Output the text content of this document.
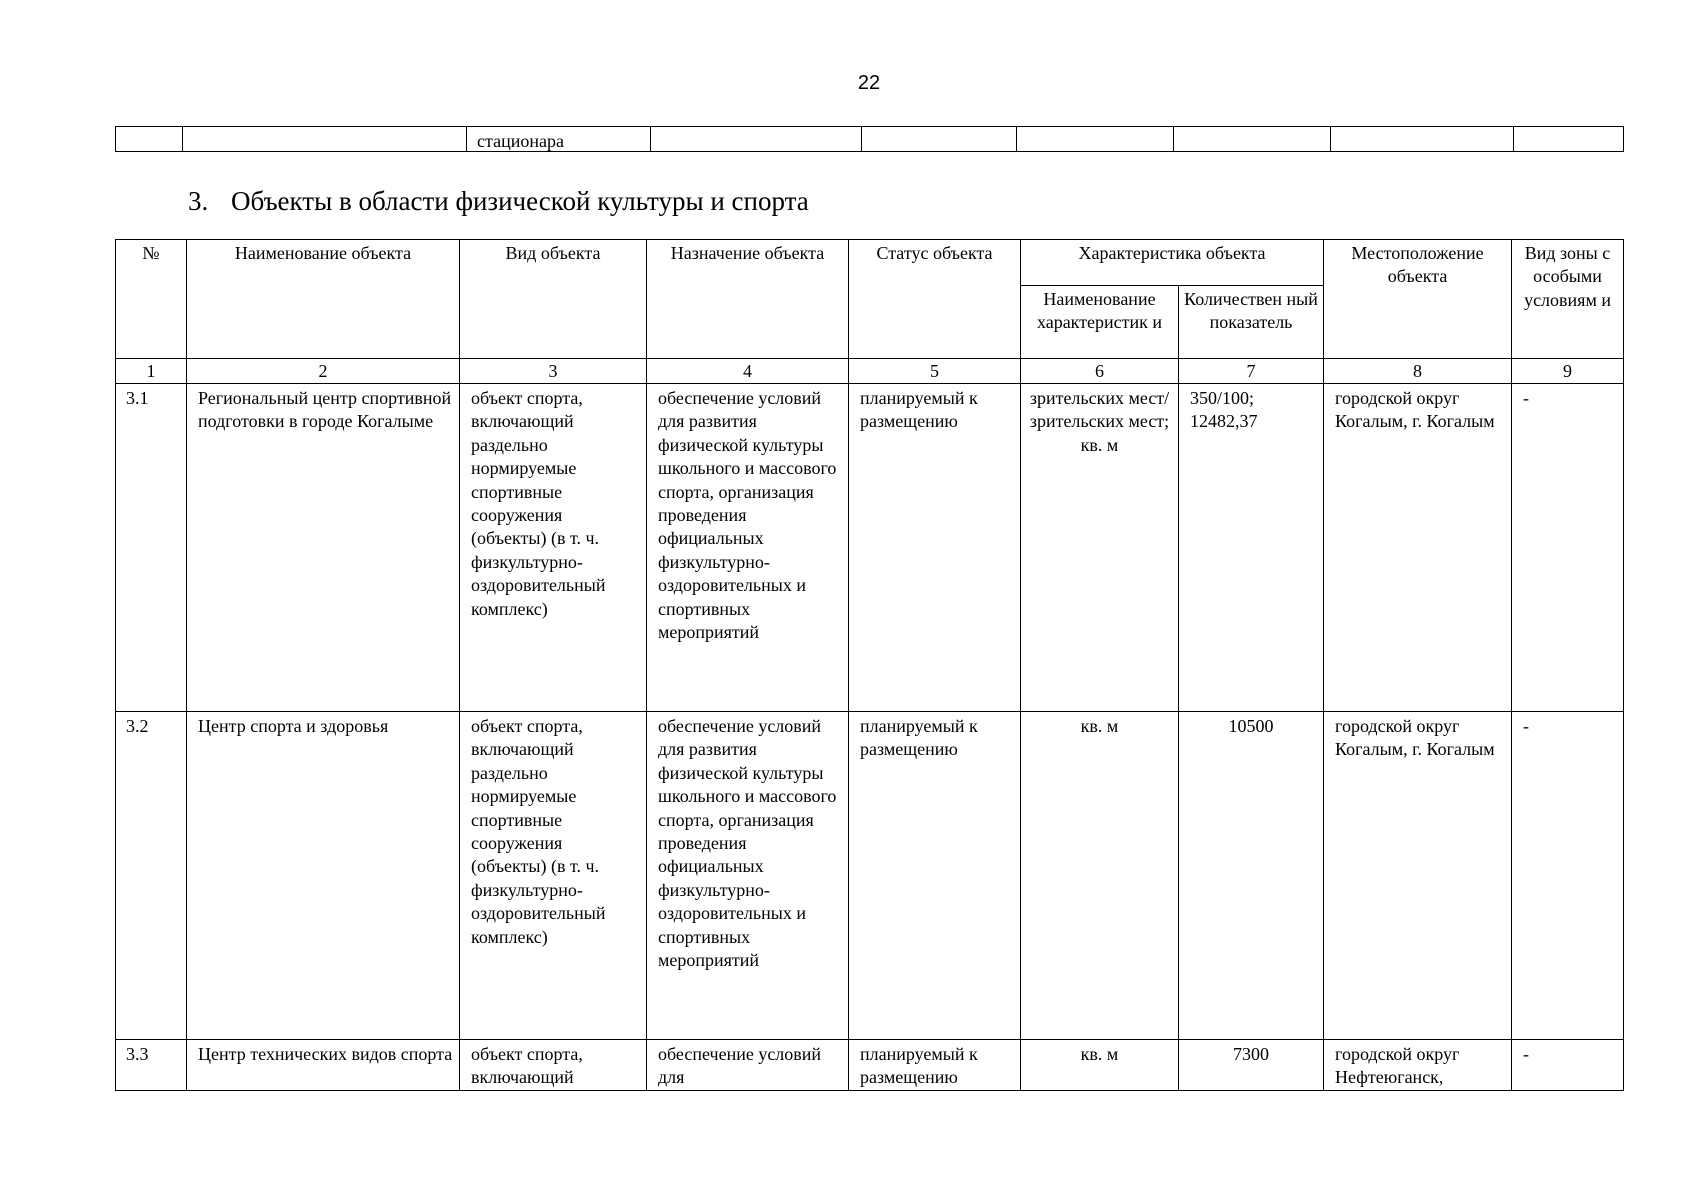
22
		стационара						
3. Объекты в области физической культуры и спорта
№	Наименование объекта	Вид объекта	Назначение объекта	Статус объекта	Характеристика объекта		Местоположение объекта	Вид зоны с особыми условиям и
					Наименование характеристик и	Количествен ный показатель		
1	2	3	4	5	6	7	8	9
3.1	Региональный центр спортивной подготовки в городе Когалыме	объект спорта, включающий раздельно нормируемые спортивные сооружения (объекты) (в т. ч. физкультурно-оздоровительный комплекс)	обеспечение условий для развития физической культуры школьного и массового спорта, организация проведения официальных физкультурно-оздоровительных и спортивных мероприятий	планируемый к размещению	зрительских мест/зрительских мест; кв. м	350/100; 12482,37	городской округ Когалым, г. Когалым	-
3.2	Центр спорта и здоровья	объект спорта, включающий раздельно нормируемые спортивные сооружения (объекты) (в т. ч. физкультурно-оздоровительный комплекс)	обеспечение условий для развития физической культуры школьного и массового спорта, организация проведения официальных физкультурно-оздоровительных и спортивных мероприятий	планируемый к размещению	кв. м	10500	городской округ Когалым, г. Когалым	-
3.3	Центр технических видов спорта	объект спорта, включающий	обеспечение условий для	планируемый к размещению	кв. м	7300	городской округ Нефтеюганск,	-
